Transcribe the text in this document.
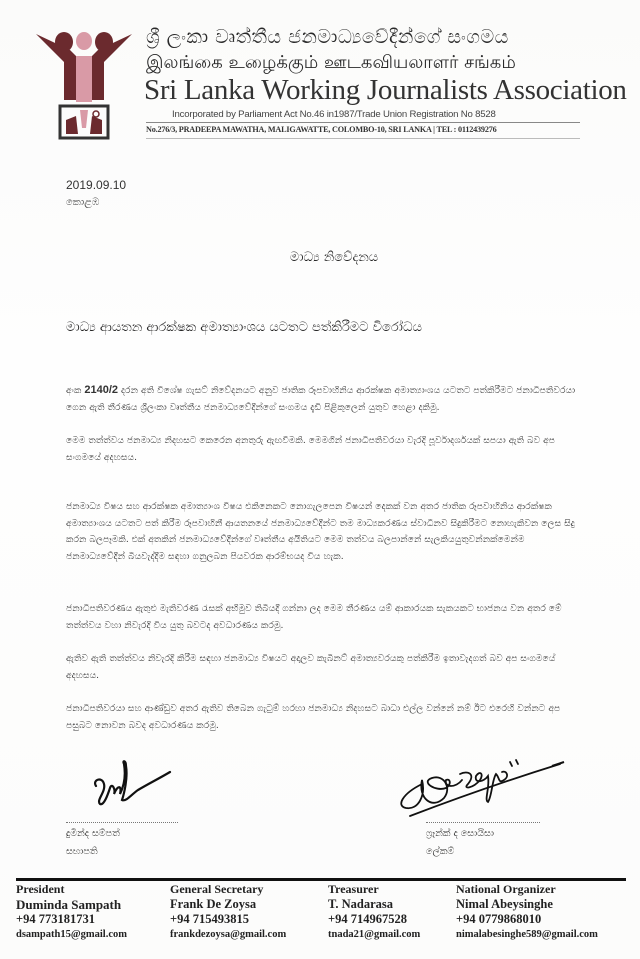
ශ්‍රී ලංකා වෘත්තීය ජනමාධ්‍යවේදීන්ගේ සංගමය
இலங்கை உழைக்கும் ஊடகவியலாளர் சங்கம்
Sri Lanka Working Journalists Association
Incorporated by Parliament Act No.46 in1987/Trade Union Registration No 8528
No.276/3, PRADEEPA MAWATHA, MALIGAWATTE, COLOMBO-10, SRI LANKA | TEL : 0112439276
2019.09.10
කොළඹ
මාධ්‍ය නිවේදනය
මාධ්‍ය ආයතන ආරක්ෂක අමාත්‍යාංශය යටතට පත්කිරීමට විරෝධය
අංක 2140/2 දරන අති විශේෂ ගැසට් නිවේදනයට අනුව ජාතික රූපවාහිනිය ආරක්ෂක අමාත්‍යාංශය යටතට පත්කිරීමට ජනාධිපතිවරයා ගෙන ඇති තීරණය ශ්‍රීලංකා වෘත්තීය ජනමාධ්‍යවේදීන්ගේ සංගමය දැඩි පිළිකුලෙන් යුතුව හෙළා දකිමු.
මෙම තත්ත්වය ජනමාධ්‍ය නිදහසට කෙරෙන අනතුරු ඇඟවීමකි. මෙමගින් ජනාධිපතිවරයා වැරදි පූර්වාදර්ශයක් සපයා ඇති බව අප සංගමයේ අදහසය.
ජනමාධ්‍ය විෂය සහ ආරක්ෂක අමාත්‍යාංශ විෂය එකිනෙකට නොගැලපෙන විෂයන් දෙකක් වන අතර ජාතික රූපවාහිනිය ආරක්ෂක අමාත්‍යාංශය යටතට පත් කිරීම රූපවාහිනී ආයතනයේ ජනමාධ්‍යවේදීන්ට තම මාධ්‍යකරණය ස්වාධීනව සිදුකිරීමට නොහැකිවන ලෙස සිදු කරන බලපෑමකි. එක් අතකින් ජනමාධ්‍යවේදීන්ගේ වෘත්තීය අයිතියට මෙම තත්වය බලපාන්නේ සැලකියයුතුවන්නක්මෙන්ම ජනමාධ්‍යවේදීන් බියවැද්දීම සඳහා ගනුලබන පියවරක ආරම්භයද විය හැක.
ජනාධිපතිවරණය ඇතුළු මැතිවරණ රැසක් අභිමුව තිබියදී ගන්නා ලද මෙම තීරණය යම් ආකාරයක සැකයකට භාජනය වන අතර මේ තත්ත්වය වහා නිවැරදි විය යුතු බවටද අවධාරණය කරමු.
ඇතිව ඇති තත්ත්වය නිවැරදි කිරීම සඳහා ජනමාධ්‍ය විෂයට අදාලව කැබිනට් අමාත්‍යවරයකු පත්කිරීම ඉතාවැදගත් බව අප සංගමයේ අදහසය.
ජනාධිපතිවරයා සහ ආණ්ඩුව අතර ඇතිව තිබෙන ගැටුම් හරහා ජනමාධ්‍ය නිදහසට බාධා එල්ල වන්නේ නම් ඊට එරෙහි වන්නට අප පසුබට නොවන බවද අවධාරණය කරමු.
දුමින්ද සම්පත්
සභාපති
ෆ්‍රෑන්ක් ද සොයිසා
ලේකම්
President
Duminda Sampath
+94 773181731
dsampath15@gmail.com
General Secretary
Frank De Zoysa
+94 715493815
frankdezoysa@gmail.com
Treasurer
T. Nadarasa
+94 714967528
tnada21@gmail.com
National Organizer
Nimal Abeysinghe
+94 0779868010
nimalabesinghe589@gmail.com
